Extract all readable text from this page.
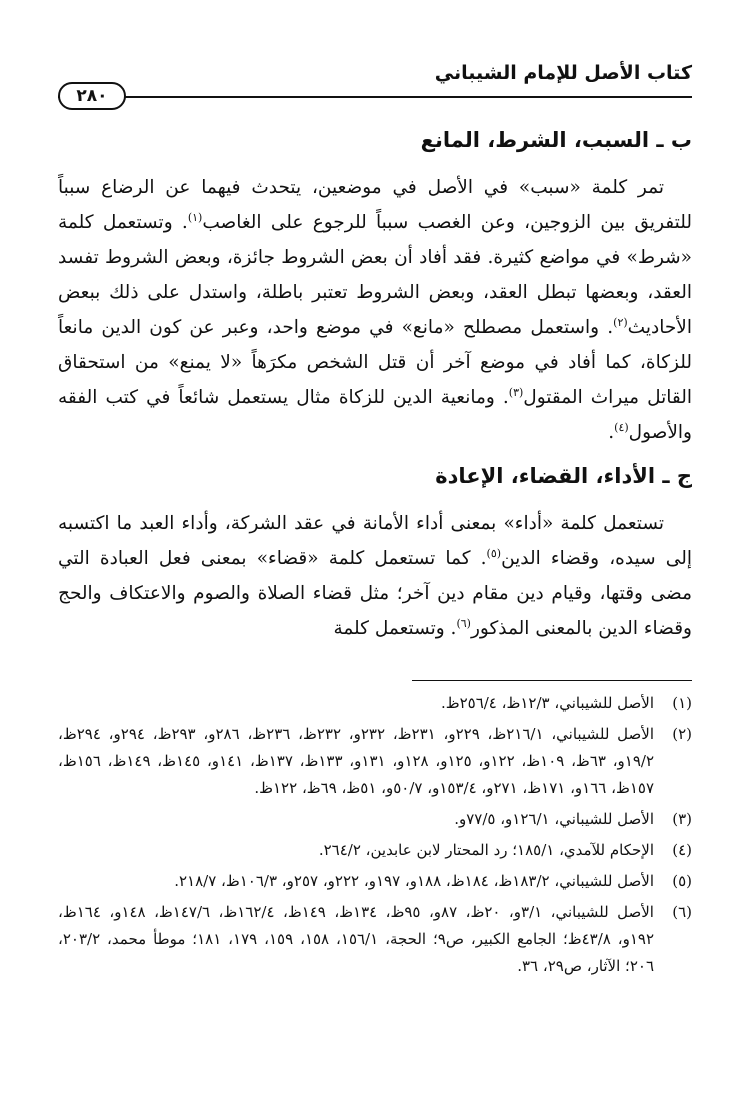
كتاب الأصل للإمام الشيباني
٢٨٠
ب ـ السبب، الشرط، المانع

تمر كلمة «سبب» في الأصل في موضعين، يتحدث فيهما عن الرضاع سبباً للتفريق بين الزوجين، وعن الغصب سبباً للرجوع على الغاصب$^{(١)}$. وتستعمل كلمة «شرط» في مواضع كثيرة. فقد أفاد أن بعض الشروط جائزة، وبعض الشروط تفسد العقد، وبعضها تبطل العقد، وبعض الشروط تعتبر باطلة، واستدل على ذلك ببعض الأحاديث$^{(٢)}$. واستعمل مصطلح «مانع» في موضع واحد، وعبر عن كون الدين مانعاً للزكاة، كما أفاد في موضع آخر أن قتل الشخص مكرَهاً «لا يمنع» من استحقاق القاتل ميراث المقتول$^{(٣)}$. ومانعية الدين للزكاة مثال يستعمل شائعاً في كتب الفقه والأصول$^{(٤)}$.

ج ـ الأداء، القضاء، الإعادة

تستعمل كلمة «أداء» بمعنى أداء الأمانة في عقد الشركة، وأداء العبد ما اكتسبه إلى سيده، وقضاء الدين$^{(٥)}$. كما تستعمل كلمة «قضاء» بمعنى فعل العبادة التي مضى وقتها، وقيام دين مقام دين آخر؛ مثل قضاء الصلاة والصوم والاعتكاف والحج وقضاء الدين بالمعنى المذكور$^{(٦)}$. وتستعمل كلمة

(١)
الأصل للشيباني، ١٢/٣ظ، ٢٥٦/٤ظ.
(٢)
الأصل للشيباني، ٢١٦/١ظ، ٢٢٩و، ٢٣١ظ، ٢٣٢و، ٢٣٢ظ، ٢٣٦ظ، ٢٨٦و، ٢٩٣ظ، ٢٩٤و، ٢٩٤ظ، ١٩/٢و، ٦٣ظ، ١٠٩ظ، ١٢٢و، ١٢٥و، ١٢٨و، ١٣١و، ١٣٣ظ، ١٣٧ظ، ١٤١و، ١٤٥ظ، ١٤٩ظ، ١٥٦ظ، ١٥٧ظ، ١٦٦و، ١٧١ظ، ٢٧١و، ١٥٣/٤و، ٥٠/٧و، ٥١ظ، ٦٩ظ، ١٢٢ظ.
(٣)
الأصل للشيباني، ١٢٦/١و، ٧٧/٥و.
(٤)
الإحكام للآمدي، ١٨٥/١؛ رد المحتار لابن عابدين، ٢٦٤/٢.
(٥)
الأصل للشيباني، ١٨٣/٢ظ، ١٨٤ظ، ١٨٨و، ١٩٧و، ٢٢٢و، ٢٥٧و، ١٠٦/٣ظ، ٢١٨/٧.
(٦)
الأصل للشيباني، ٣/١و، ٢٠ظ، ٨٧و، ٩٥ظ، ١٣٤ظ، ١٤٩ظ، ١٦٢/٤ظ، ١٤٧/٦ظ، ١٤٨و، ١٦٤ظ، ١٩٢و، ٤٣/٨ظ؛ الجامع الكبير، ص٩؛ الحجة، ١٥٦/١، ١٥٨، ١٥٩، ١٧٩، ١٨١؛ موطأ محمد، ٢٠٣/٢، ٢٠٦؛ الآثار، ص٢٩، ٣٦.
